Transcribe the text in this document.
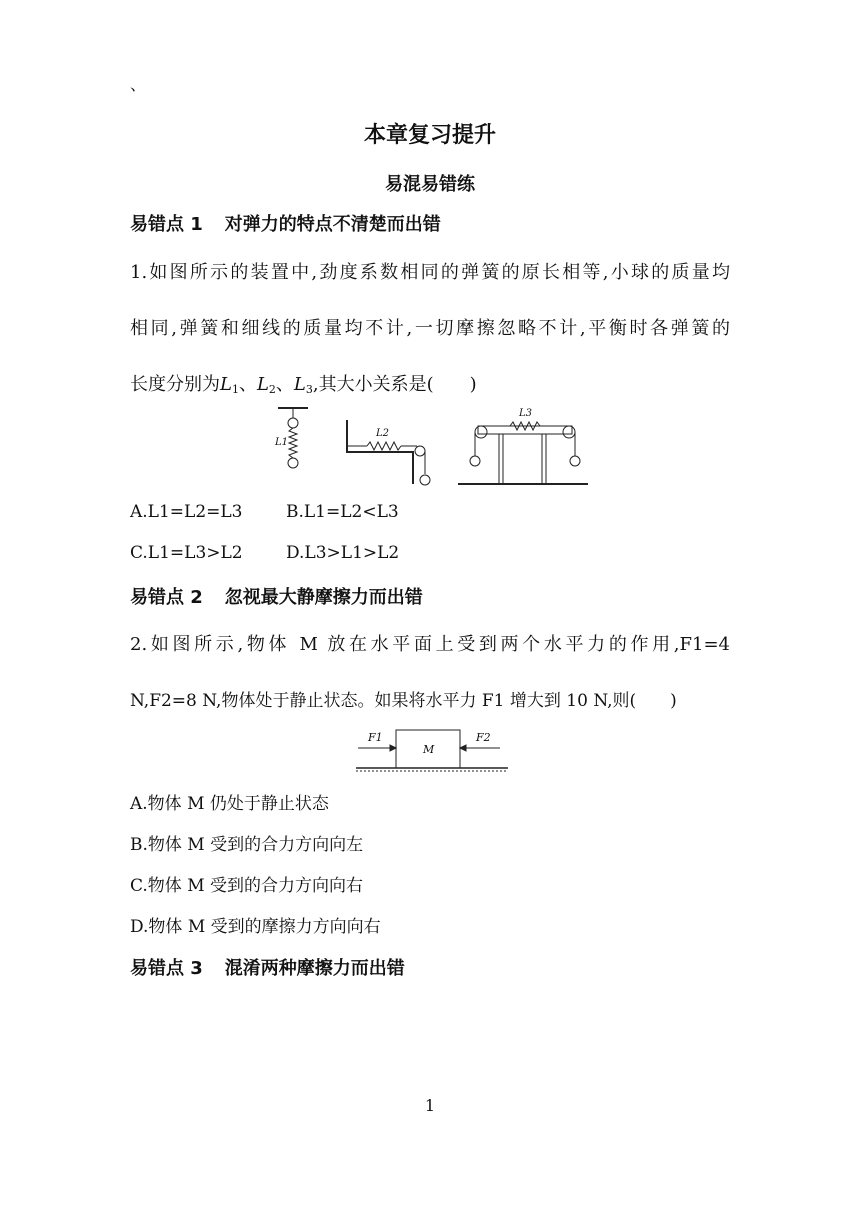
、
本章复习提升
易混易错练
易错点 1 对弹力的特点不清楚而出错
1.如图所示的装置中,劲度系数相同的弹簧的原长相等,小球的质量均
相同,弹簧和细线的质量均不计,一切摩擦忽略不计,平衡时各弹簧的
长度分别为$L_1$、$L_2$、$L_3$,其大小关系是(　　)
L1
L2
L3
A.L1=L2=L3	B.L1=L2<L3
C.L1=L3>L2	D.L3>L1>L2
易错点 2 忽视最大静摩擦力而出错
2.如图所示,物体 M 放在水平面上受到两个水平力的作用,F1=4
N,F2=8 N,物体处于静止状态。如果将水平力 F1 增大到 10 N,则(　　)
F1	F2
M
A.物体 M 仍处于静止状态
B.物体 M 受到的合力方向向左
C.物体 M 受到的合力方向向右
D.物体 M 受到的摩擦力方向向右
易错点 3 混淆两种摩擦力而出错
1
